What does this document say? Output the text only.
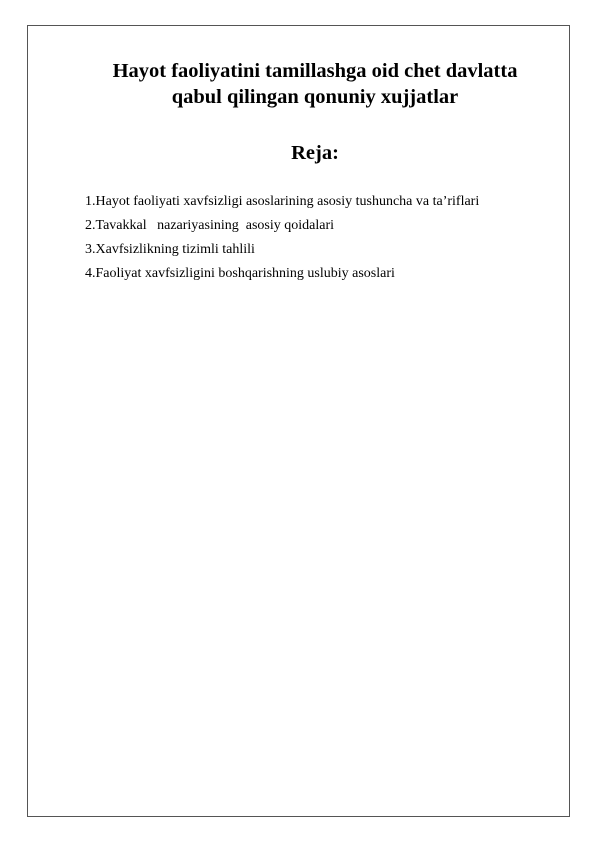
Hayot faoliyatini tamillashga oid chet davlatta
qabul qilingan qonuniy xujjatlar
Reja:
1.Hayot faoliyati xavfsizligi asoslarining asosiy tushuncha va ta’riflari
2.Tavakkal   nazariyasining  asosiy qoidalari
3.Xavfsizlikning tizimli tahlili
4.Faoliyat xavfsizligini boshqarishning uslubiy asoslari
